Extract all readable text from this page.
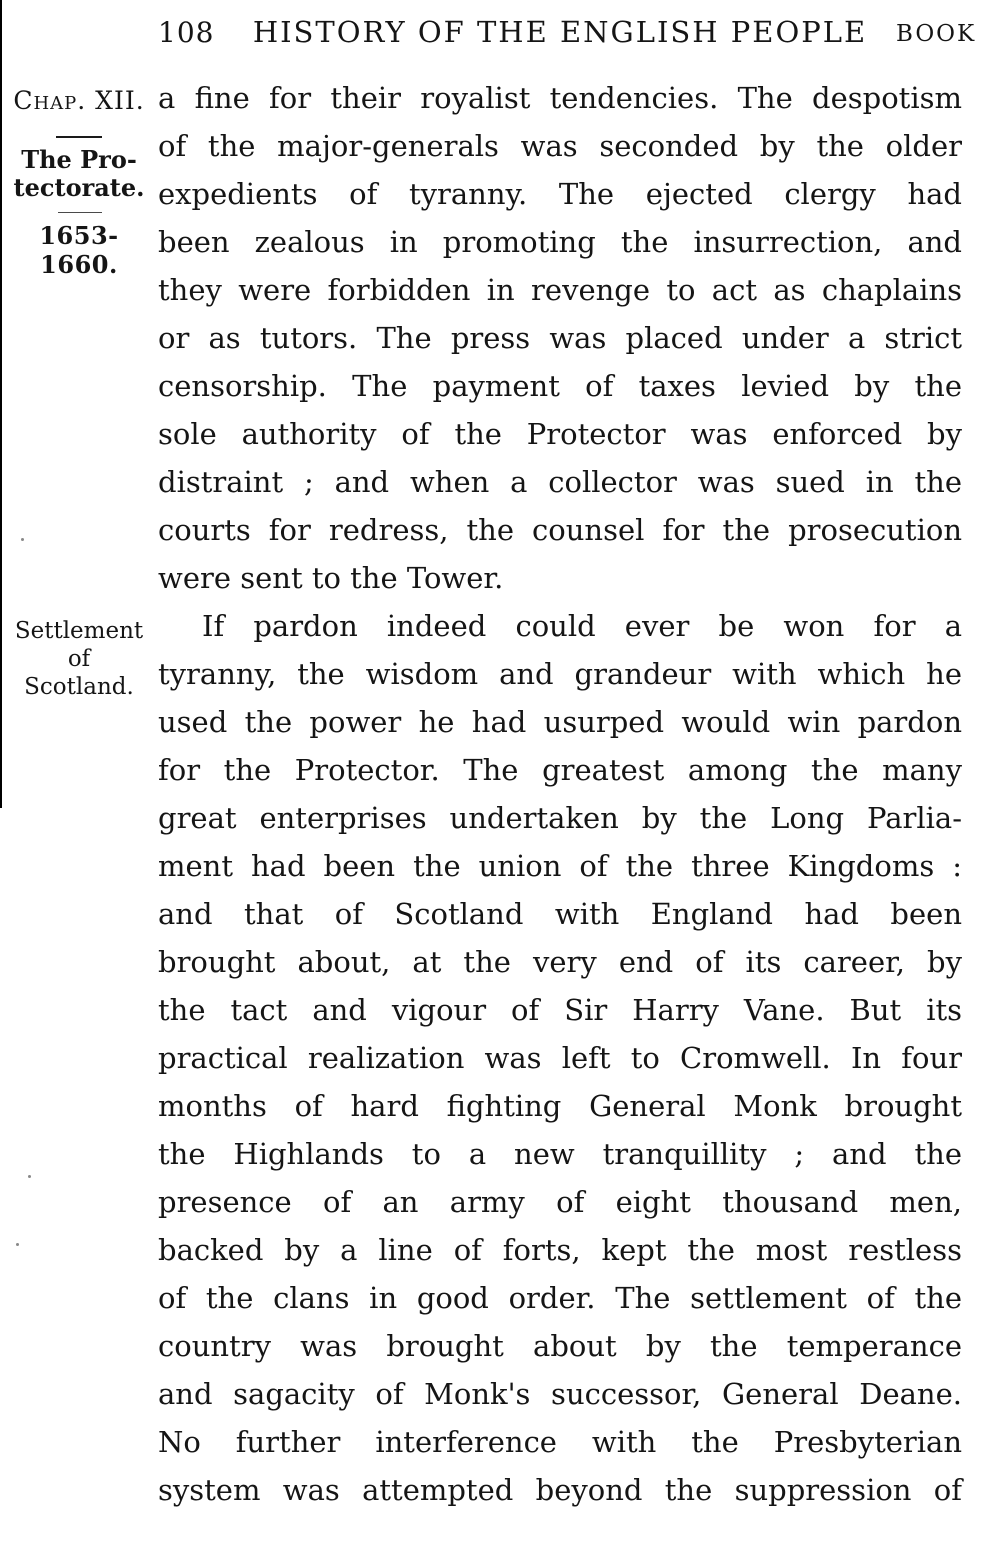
108	HISTORY OF THE ENGLISH PEOPLE	BOOK
Chap. XII.
The Pro-
tectorate.
1653-1660.
Settlement
of
Scotland.
a fine for their royalist tendencies. The despotism
of the major-generals was seconded by the older
expedients of tyranny. The ejected clergy had
been zealous in promoting the insurrection, and
they were forbidden in revenge to act as chaplains
or as tutors. The press was placed under a strict
censorship. The payment of taxes levied by the
sole authority of the Protector was enforced by
distraint ; and when a collector was sued in the
courts for redress, the counsel for the prosecution
were sent to the Tower.
If pardon indeed could ever be won for a
tyranny, the wisdom and grandeur with which he
used the power he had usurped would win pardon
for the Protector. The greatest among the many
great enterprises undertaken by the Long Parlia-
ment had been the union of the three Kingdoms :
and that of Scotland with England had been
brought about, at the very end of its career, by
the tact and vigour of Sir Harry Vane. But its
practical realization was left to Cromwell. In four
months of hard fighting General Monk brought
the Highlands to a new tranquillity ; and the
presence of an army of eight thousand men,
backed by a line of forts, kept the most restless
of the clans in good order. The settlement of the
country was brought about by the temperance
and sagacity of Monk's successor, General Deane.
No further interference with the Presbyterian
system was attempted beyond the suppression of
